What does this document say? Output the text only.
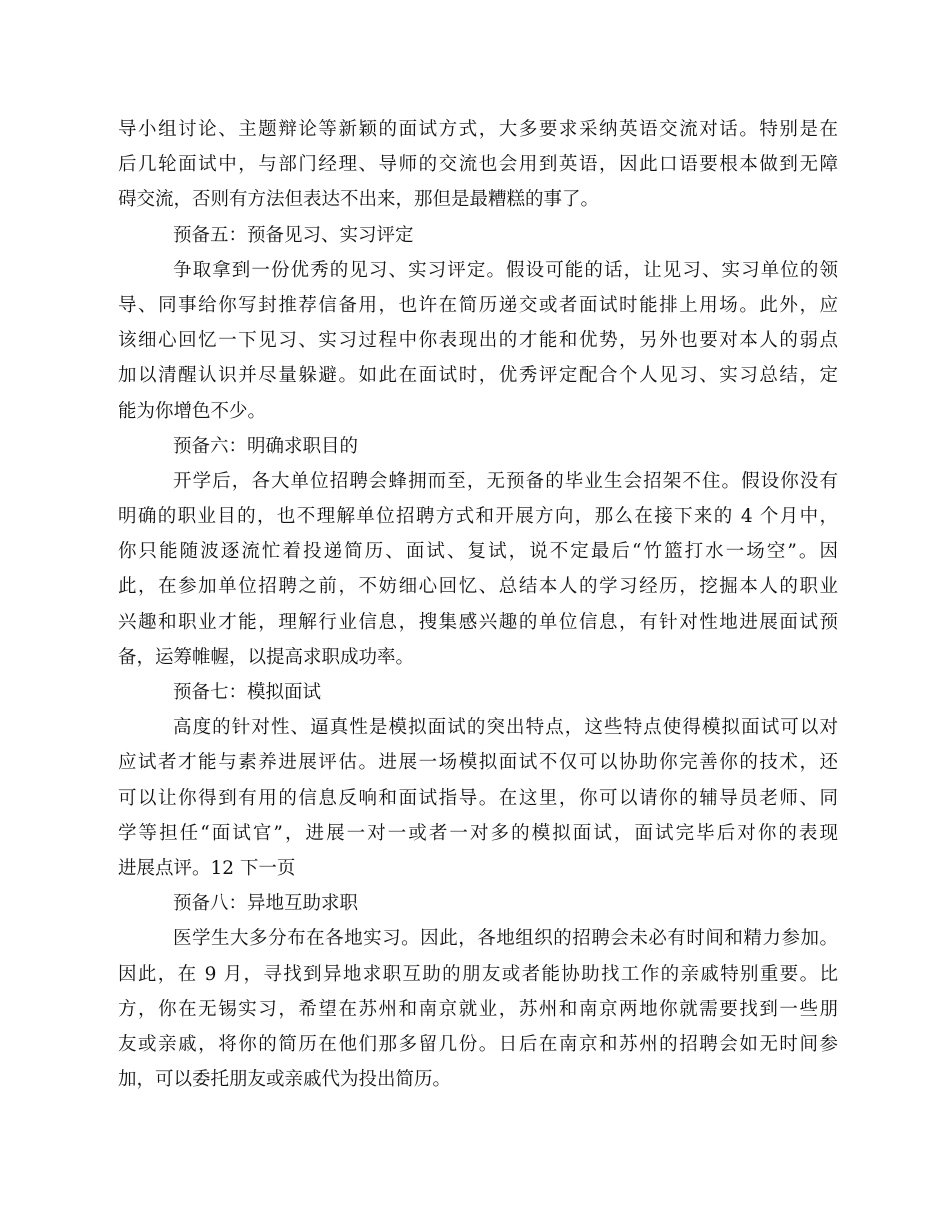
导小组讨论、主题辩论等新颖的面试方式，大多要求采纳英语交流对话。特别是在
后几轮面试中，与部门经理、导师的交流也会用到英语，因此口语要根本做到无障
碍交流，否则有方法但表达不出来，那但是最糟糕的事了。
预备五：预备见习、实习评定
争取拿到一份优秀的见习、实习评定。假设可能的话，让见习、实习单位的领
导、同事给你写封推荐信备用，也许在简历递交或者面试时能排上用场。此外，应
该细心回忆一下见习、实习过程中你表现出的才能和优势，另外也要对本人的弱点
加以清醒认识并尽量躲避。如此在面试时，优秀评定配合个人见习、实习总结，定
能为你增色不少。
预备六：明确求职目的
开学后，各大单位招聘会蜂拥而至，无预备的毕业生会招架不住。假设你没有
明确的职业目的，也不理解单位招聘方式和开展方向，那么在接下来的 4 个月中，
你只能随波逐流忙着投递简历、面试、复试，说不定最后“竹篮打水一场空”。因
此，在参加单位招聘之前，不妨细心回忆、总结本人的学习经历，挖掘本人的职业
兴趣和职业才能，理解行业信息，搜集感兴趣的单位信息，有针对性地进展面试预
备，运筹帷幄，以提高求职成功率。
预备七：模拟面试
高度的针对性、逼真性是模拟面试的突出特点，这些特点使得模拟面试可以对
应试者才能与素养进展评估。进展一场模拟面试不仅可以协助你完善你的技术，还
可以让你得到有用的信息反响和面试指导。在这里，你可以请你的辅导员老师、同
学等担任“面试官”，进展一对一或者一对多的模拟面试，面试完毕后对你的表现
进展点评。12 下一页
预备八：异地互助求职
医学生大多分布在各地实习。因此，各地组织的招聘会未必有时间和精力参加。
因此，在 9 月，寻找到异地求职互助的朋友或者能协助找工作的亲戚特别重要。比
方，你在无锡实习，希望在苏州和南京就业，苏州和南京两地你就需要找到一些朋
友或亲戚，将你的简历在他们那多留几份。日后在南京和苏州的招聘会如无时间参
加，可以委托朋友或亲戚代为投出简历。
